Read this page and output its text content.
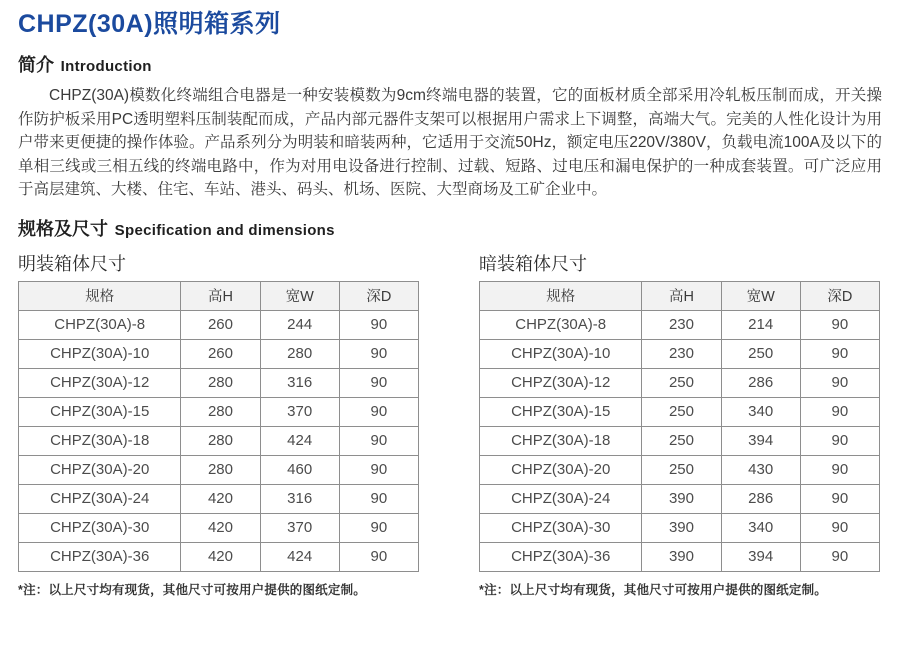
CHPZ(30A)照明箱系列
简介 Introduction

CHPZ(30A)模数化终端组合电器是一种安装模数为9cm终端电器的装置，它的面板材质全部采用冷轧板压制而成，开关操作防护板采用PC透明塑料压制装配而成，产品内部元器件支架可以根据用户需求上下调整，高端大气。完美的人性化设计为用户带来更便捷的操作体验。产品系列分为明装和暗装两种，它适用于交流50Hz，额定电压220V/380V，负载电流100A及以下的单相三线或三相五线的终端电路中，作为对用电设备进行控制、过载、短路、过电压和漏电保护的一种成套装置。可广泛应用于高层建筑、大楼、住宅、车站、港头、码头、机场、医院、大型商场及工矿企业中。

规格及尺寸 Specification and dimensions
明装箱体尺寸
规格	高H	宽W	深D
CHPZ(30A)-8	260	244	90
CHPZ(30A)-10	260	280	90
CHPZ(30A)-12	280	316	90
CHPZ(30A)-15	280	370	90
CHPZ(30A)-18	280	424	90
CHPZ(30A)-20	280	460	90
CHPZ(30A)-24	420	316	90
CHPZ(30A)-30	420	370	90
CHPZ(30A)-36	420	424	90
*注：以上尺寸均有现货，其他尺寸可按用户提供的图纸定制。
暗装箱体尺寸
规格	高H	宽W	深D
CHPZ(30A)-8	230	214	90
CHPZ(30A)-10	230	250	90
CHPZ(30A)-12	250	286	90
CHPZ(30A)-15	250	340	90
CHPZ(30A)-18	250	394	90
CHPZ(30A)-20	250	430	90
CHPZ(30A)-24	390	286	90
CHPZ(30A)-30	390	340	90
CHPZ(30A)-36	390	394	90
*注：以上尺寸均有现货，其他尺寸可按用户提供的图纸定制。
